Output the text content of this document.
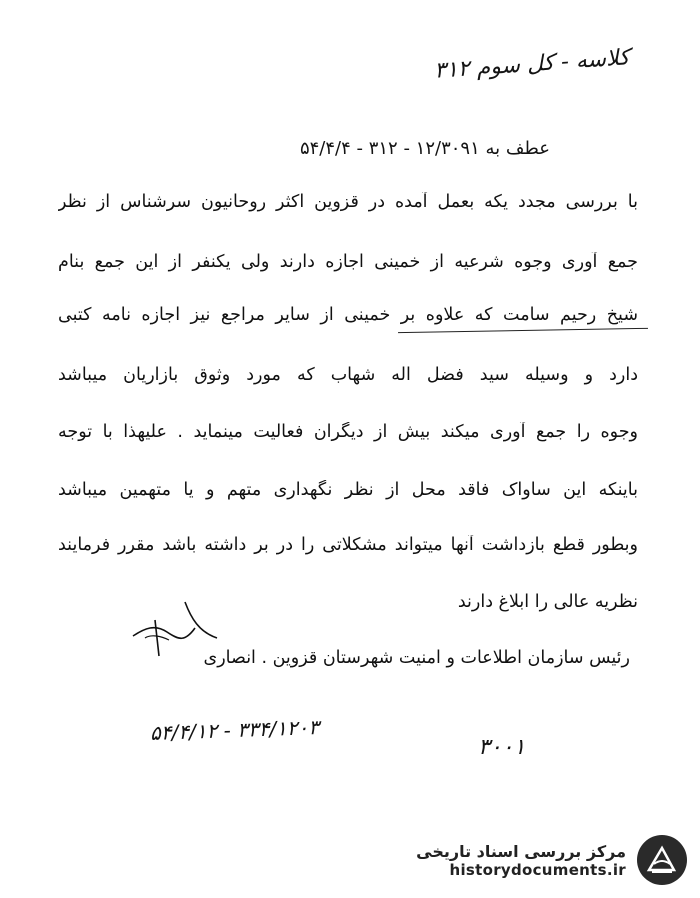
کلاسه - کل سوم ۳۱۲
عطف به ۱۲/۳۰۹۱ - ۳۱۲ - ۵۴/۴/۴
با بررسی مجدد یکه بعمل آمده در قزوین اکثر روحانیون سرشناس از نظر
جمع آوری وجوه شرعیه از خمینی اجازه دارند ولی یکنفر از این جمع بنام
شیخ رحیم سامت که علاوه بر خمینی از سایر مراجع نیز اجازه نامه کتبی
دارد و وسیله سید فضل اله شهاب که مورد وثوق بازاریان میباشد
وجوه را جمع آوری میکند بیش از دیگران فعالیت مینماید . علیهذا با توجه
باینکه این ساواک فاقد محل از نظر نگهداری متهم و یا متهمین میباشد
وبطور قطع بازداشت آنها میتواند مشکلاتی را در بر داشته باشد مقرر فرمایند
نظریه عالی را ابلاغ دارند
رئیس سازمان اطلاعات و امنیت شهرستان قزوین . انصاری
۵۴/۴/۱۲ - ۳۳۴/۱۲۰۳
۳۰۰۱
مرکز بررسی اسناد تاریخی
historydocuments.ir
